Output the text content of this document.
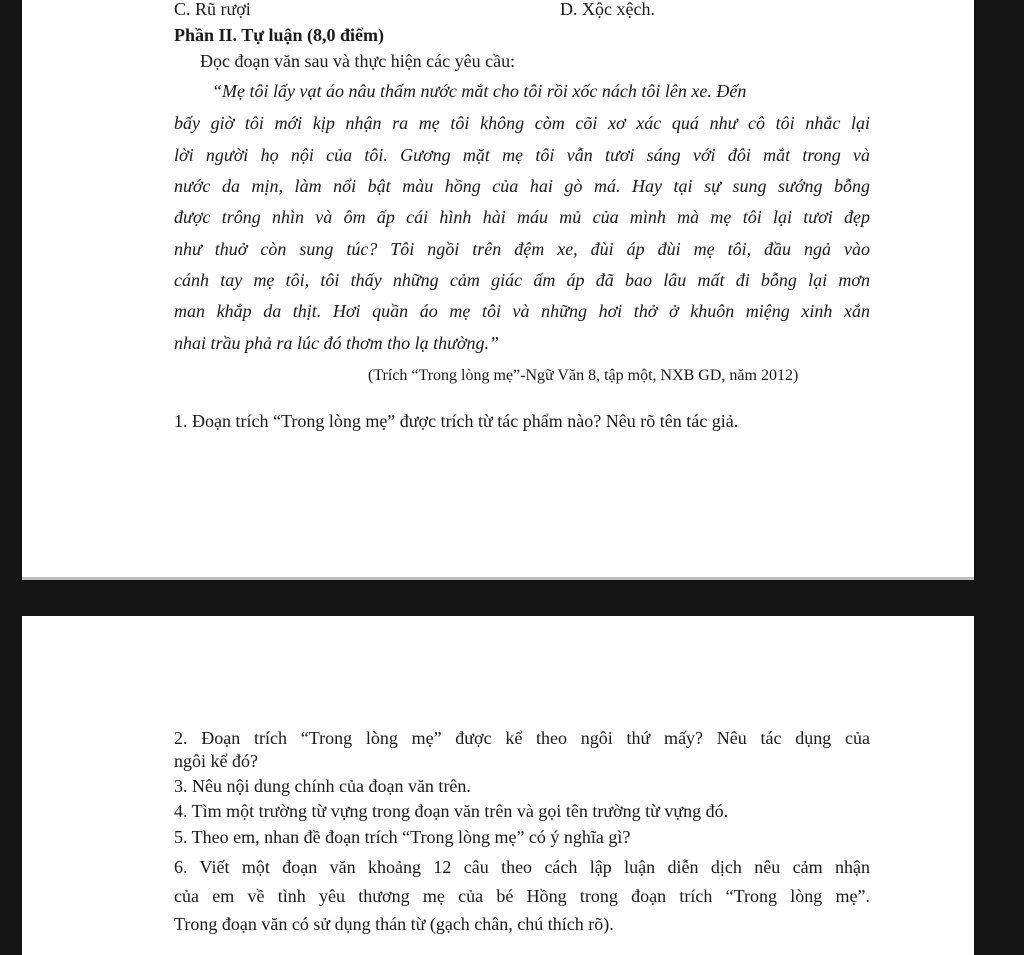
C. Rũ rượi	D. Xộc xệch.
Phần II. Tự luận (8,0 điểm)
Đọc đoạn văn sau và thực hiện các yêu cầu:
“Mẹ tôi lấy vạt áo nâu thấm nước mắt cho tôi rồi xốc nách tôi lên xe. Đến
bấy giờ tôi mới kịp nhận ra mẹ tôi không còm cõi xơ xác quá như cô tôi nhắc lại
lời người họ nội của tôi. Gương mặt mẹ tôi vẫn tươi sáng với đôi mắt trong và
nước da mịn, làm nổi bật màu hồng của hai gò má. Hay tại sự sung sướng bỗng
được trông nhìn và ôm ấp cái hình hài máu mủ của mình mà mẹ tôi lại tươi đẹp
như thuở còn sung túc? Tôi ngồi trên đệm xe, đùi áp đùi mẹ tôi, đầu ngả vào
cánh tay mẹ tôi, tôi thấy những cảm giác ấm áp đã bao lâu mất đi bỗng lại mơn
man khắp da thịt. Hơi quần áo mẹ tôi và những hơi thở ở khuôn miệng xinh xắn
nhai trầu phả ra lúc đó thơm tho lạ thường.”
(Trích “Trong lòng mẹ”-Ngữ Văn 8, tập một, NXB GD, năm 2012)
1. Đoạn trích “Trong lòng mẹ” được trích từ tác phẩm nào? Nêu rõ tên tác giả.
2. Đoạn trích “Trong lòng mẹ” được kể theo ngôi thứ mấy? Nêu tác dụng của
ngôi kể đó?
3. Nêu nội dung chính của đoạn văn trên.
4. Tìm một trường từ vựng trong đoạn văn trên và gọi tên trường từ vựng đó.
5. Theo em, nhan đề đoạn trích “Trong lòng mẹ” có ý nghĩa gì?
6. Viết một đoạn văn khoảng 12 câu theo cách lập luận diễn dịch nêu cảm nhận
của em về tình yêu thương mẹ của bé Hồng trong đoạn trích “Trong lòng mẹ”.
Trong đoạn văn có sử dụng thán từ (gạch chân, chú thích rõ).
